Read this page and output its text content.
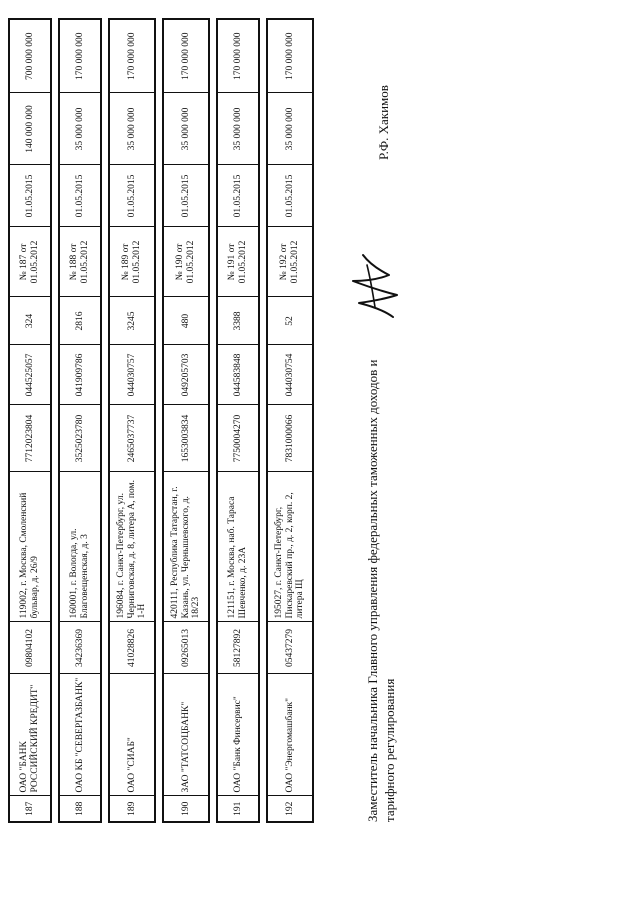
187	ОАО "БАНК РОССИЙСКИЙ КРЕДИТ"	09804102	119002, г. Москва, Смоленский бульвар, д. 26/9	7712023804	044525057	324	№ 187 от 01.05.2012	01.05.2015	140 000 000	700 000 000

188	ОАО КБ "СЕВЕРГАЗБАНК"	34236369	160001, г. Вологда, ул. Благовещенская, д. 3	3525023780	041909786	2816	№ 188 от 01.05.2012	01.05.2015	35 000 000	170 000 000

189	ОАО "СИАБ"	41028826	196084, г. Санкт-Петербург, ул. Черниговская, д. 8, литера А, пом. 1-Н	2465037737	044030757	3245	№ 189 от 01.05.2012	01.05.2015	35 000 000	170 000 000

190	ЗАО "ТАТСОЦБАНК"	09265013	420111, Республика Татарстан, г. Казань, ул. Чернышевского, д. 18/23	1653003834	049205703	480	№ 190 от 01.05.2012	01.05.2015	35 000 000	170 000 000

191	ОАО "Банк Финсервис"	58127892	121151, г. Москва, наб. Тараса Шевченко, д. 23А	7750004270	044583848	3388	№ 191 от 01.05.2012	01.05.2015	35 000 000	170 000 000

192	ОАО "Энергомашбанк"	05437279	195027, г. Санкт-Петербург, Пискаревский пр., д. 2, корп. 2, литера Щ	7831000066	044030754	52	№ 192 от 01.05.2012	01.05.2015	35 000 000	170 000 000
Заместитель начальника Главного управления федеральных таможенных доходов и тарифного регулирования
Р.Ф. Хакимов
